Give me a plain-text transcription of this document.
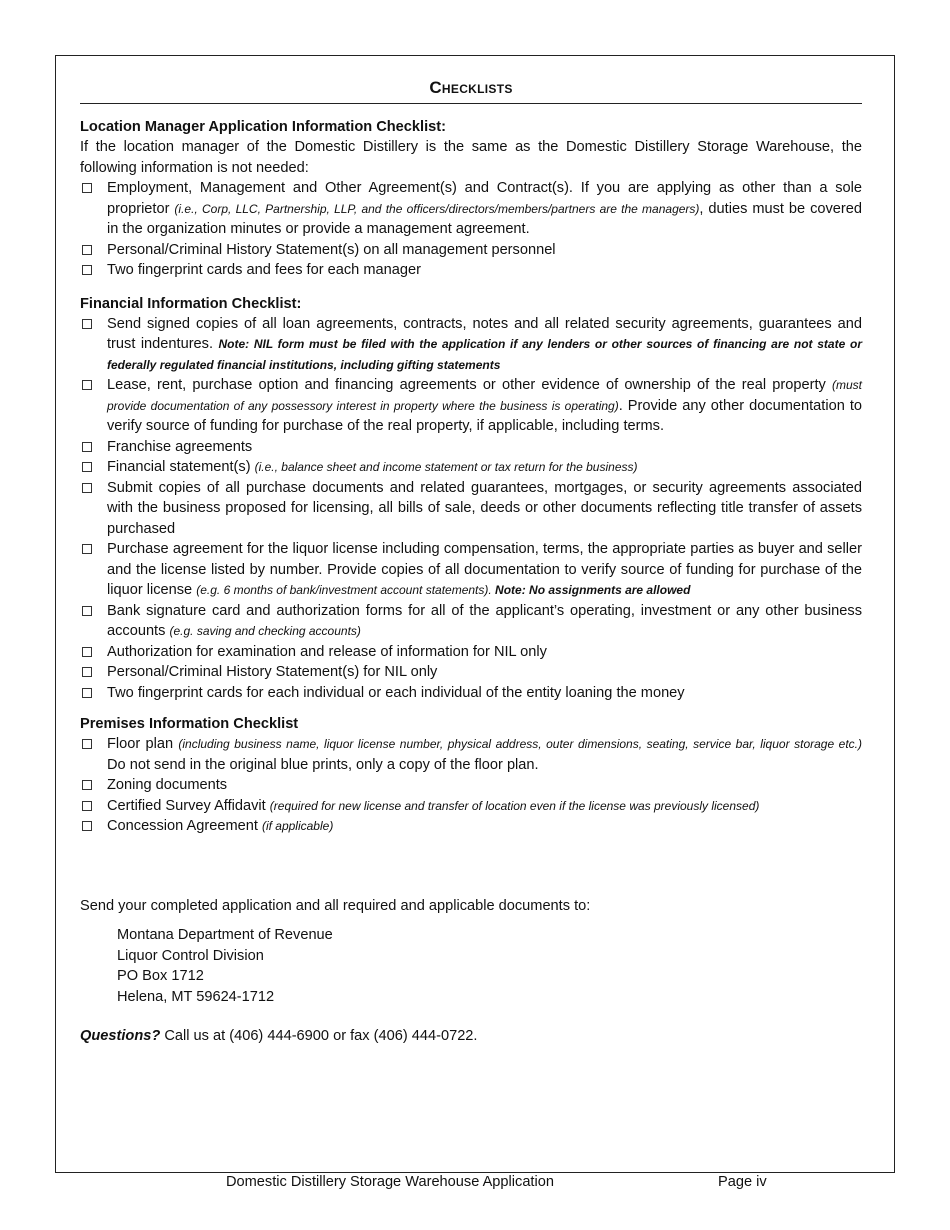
Checklists
Location Manager Application Information Checklist:

If the location manager of the Domestic Distillery is the same as the Domestic Distillery Storage Warehouse, the following information is not needed:

Employment, Management and Other Agreement(s) and Contract(s). If you are applying as other than a sole proprietor (i.e., Corp, LLC, Partnership, LLP, and the officers/directors/members/partners are the managers), duties must be covered in the organization minutes or provide a management agreement.
Personal/Criminal History Statement(s) on all management personnel
Two fingerprint cards and fees for each manager
Financial Information Checklist:
Send signed copies of all loan agreements, contracts, notes and all related security agreements, guarantees and trust indentures. Note: NIL form must be filed with the application if any lenders or other sources of financing are not state or federally regulated financial institutions, including gifting statements
Lease, rent, purchase option and financing agreements or other evidence of ownership of the real property (must provide documentation of any possessory interest in property where the business is operating). Provide any other documentation to verify source of funding for purchase of the real property, if applicable, including terms.
Franchise agreements
Financial statement(s) (i.e., balance sheet and income statement or tax return for the business)
Submit copies of all purchase documents and related guarantees, mortgages, or security agreements associated with the business proposed for licensing, all bills of sale, deeds or other documents reflecting title transfer of assets purchased
Purchase agreement for the liquor license including compensation, terms, the appropriate parties as buyer and seller and the license listed by number. Provide copies of all documentation to verify source of funding for purchase of the liquor license (e.g. 6 months of bank/investment account statements). Note: No assignments are allowed
Bank signature card and authorization forms for all of the applicant’s operating, investment or any other business accounts (e.g. saving and checking accounts)
Authorization for examination and release of information for NIL only
Personal/Criminal History Statement(s) for NIL only
Two fingerprint cards for each individual or each individual of the entity loaning the money
Premises Information Checklist
Floor plan (including business name, liquor license number, physical address, outer dimensions, seating, service bar, liquor storage etc.) Do not send in the original blue prints, only a copy of the floor plan.
Zoning documents
Certified Survey Affidavit (required for new license and transfer of location even if the license was previously licensed)
Concession Agreement (if applicable)

Send your completed application and all required and applicable documents to:

Montana Department of Revenue
Liquor Control Division
PO Box 1712
Helena, MT 59624-1712

Questions? Call us at (406) 444-6900 or fax (406) 444-0722.

Domestic Distillery Storage Warehouse Application	Page iv
